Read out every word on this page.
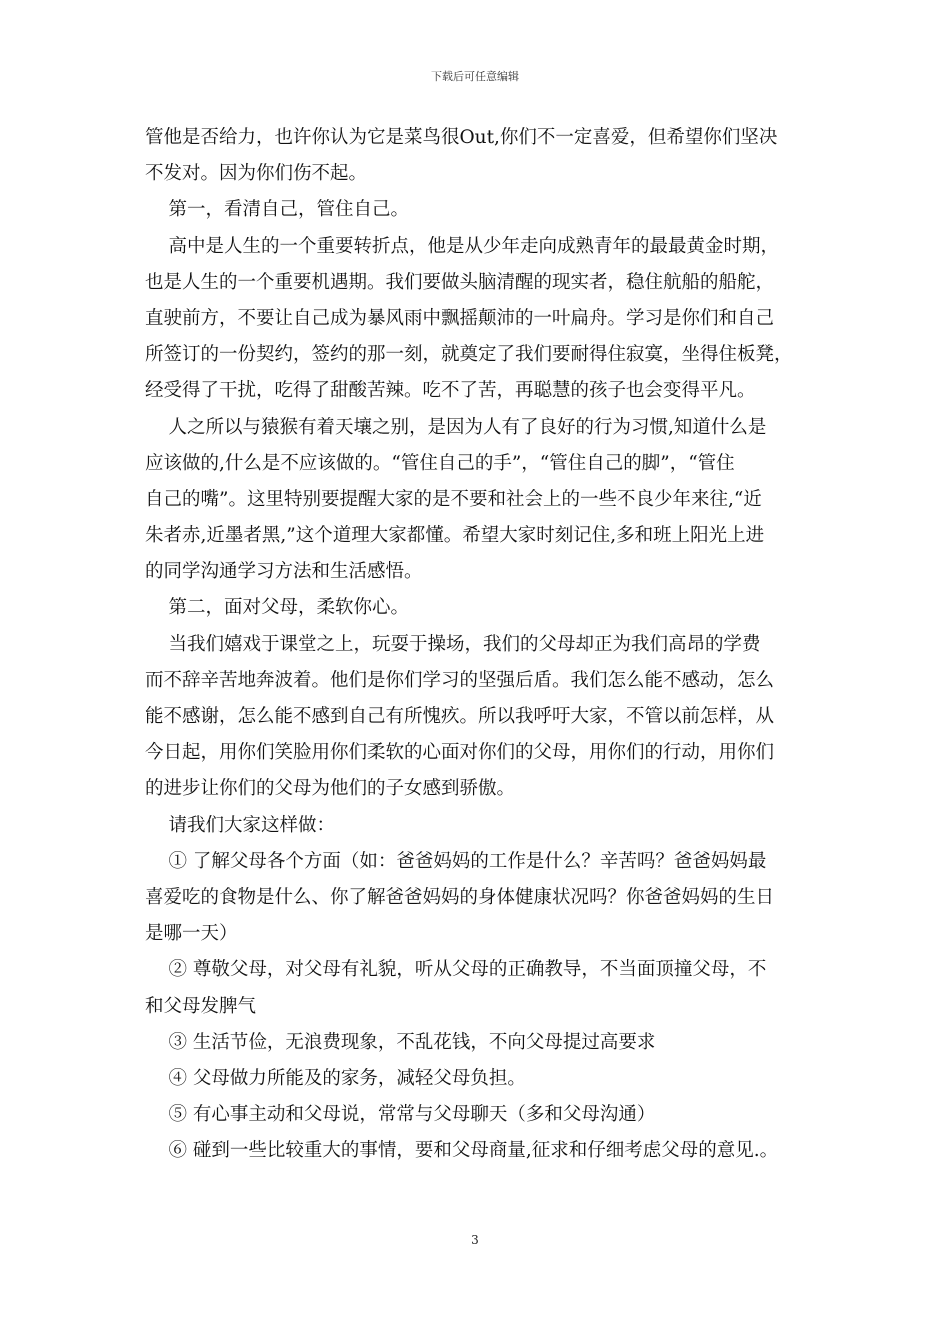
下载后可任意编辑
管他是否给力，也许你认为它是菜鸟很Out,你们不一定喜爱，但希望你们坚决
不发对。因为你们伤不起。
第一，看清自己，管住自己。
高中是人生的一个重要转折点，他是从少年走向成熟青年的最最黄金时期，
也是人生的一个重要机遇期。我们要做头脑清醒的现实者，稳住航船的船舵，
直驶前方，不要让自己成为暴风雨中飘摇颠沛的一叶扁舟。学习是你们和自己
所签订的一份契约，签约的那一刻，就奠定了我们要耐得住寂寞，坐得住板凳，
经受得了干扰，吃得了甜酸苦辣。吃不了苦，再聪慧的孩子也会变得平凡。
人之所以与猿猴有着天壤之别，是因为人有了良好的行为习惯,知道什么是
应该做的,什么是不应该做的。“管住自己的手”，“管住自己的脚”，“管住
自己的嘴”。这里特别要提醒大家的是不要和社会上的一些不良少年来往,“近
朱者赤,近墨者黑,”这个道理大家都懂。希望大家时刻记住,多和班上阳光上进
的同学沟通学习方法和生活感悟。
第二，面对父母，柔软你心。
当我们嬉戏于课堂之上，玩耍于操场，我们的父母却正为我们高昂的学费
而不辞辛苦地奔波着。他们是你们学习的坚强后盾。我们怎么能不感动，怎么
能不感谢，怎么能不感到自己有所愧疚。所以我呼吁大家，不管以前怎样，从
今日起，用你们笑脸用你们柔软的心面对你们的父母，用你们的行动，用你们
的进步让你们的父母为他们的子女感到骄傲。
请我们大家这样做：
① 了解父母各个方面（如：爸爸妈妈的工作是什么？辛苦吗？爸爸妈妈最
喜爱吃的食物是什么、你了解爸爸妈妈的身体健康状况吗？你爸爸妈妈的生日
是哪一天）
② 尊敬父母，对父母有礼貌，听从父母的正确教导，不当面顶撞父母，不
和父母发脾气
③ 生活节俭，无浪费现象，不乱花钱，不向父母提过高要求
④ 父母做力所能及的家务，减轻父母负担。
⑤ 有心事主动和父母说，常常与父母聊天（多和父母沟通）
⑥ 碰到一些比较重大的事情，要和父母商量,征求和仔细考虑父母的意见.。
3
